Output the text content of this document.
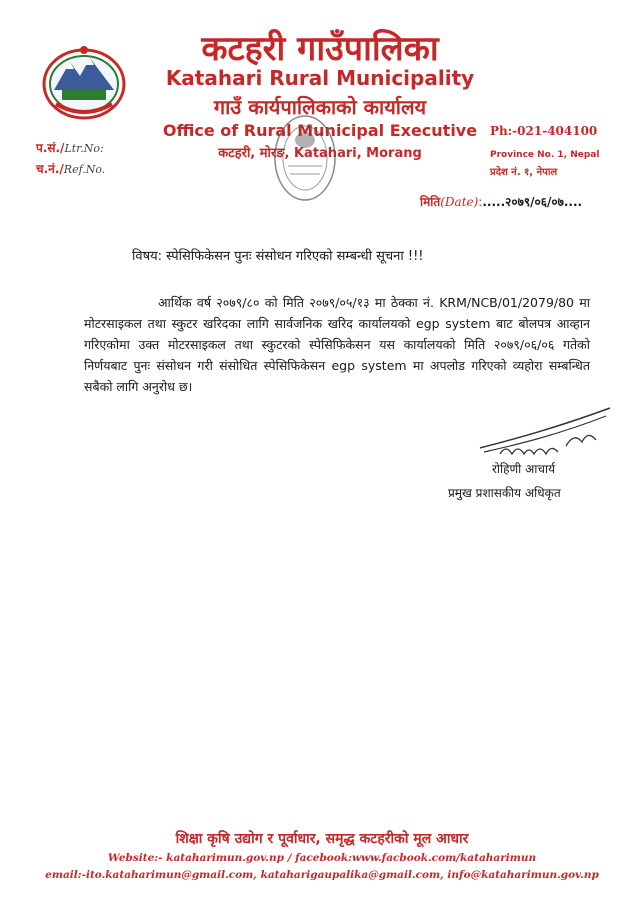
कटहरी गाउँपालिका
Katahari Rural Municipality
गाउँ कार्यपालिकाको कार्यालय
Office of Rural Municipal Executive
कटहरी, मोरङ, Katahari, Morang
प.सं./Ltr.No:
च.नं./Ref.No.
Ph:-021-404100
Province No. 1, Nepal
प्रदेश नं. १, नेपाल
मिति(Date):.....२०७९/०६/०७....
विषय: स्पेसिफिकेसन पुनः संसोधन गरिएको सम्बन्धी सूचना !!!

आर्थिक वर्ष २०७९/८० को मिति २०७९/०५/१३ मा ठेक्का नं. KRM/NCB/01/2079/80 मा मोटरसाइकल तथा स्कुटर खरिदका लागि सार्वजनिक खरिद कार्यालयको egp system बाट बोलपत्र आव्हान गरिएकोमा उक्त मोटरसाइकल तथा स्कुटरको स्पेसिफिकेसन यस कार्यालयको मिति २०७९/०६/०६ गतेको निर्णयबाट पुनः संसोधन गरी संसोधित स्पेसिफिकेसन egp system मा अपलोड गरिएको व्यहोरा सम्बन्धित सबैको लागि अनुरोध छ।

रोहिणी आचार्य
प्रमुख प्रशासकीय अधिकृत
शिक्षा कृषि उद्योग र पूर्वाधार, समृद्ध कटहरीको मूल आधार
Website:- kataharimun.gov.np / facebook:www.facbook.com/kataharimun
email:-ito.kataharimun@gmail.com, kataharigaupalika@gmail.com, info@kataharimun.gov.np
